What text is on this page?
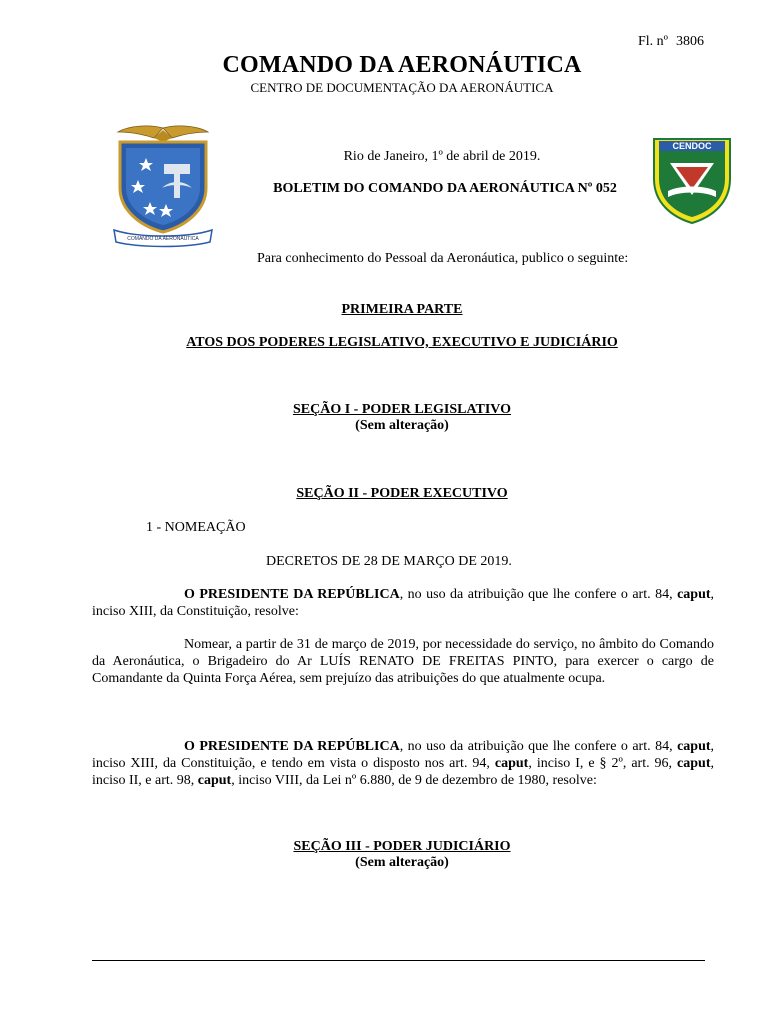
Fl. nº 3806
COMANDO DA AERONÁUTICA
CENTRO DE DOCUMENTAÇÃO DA AERONÁUTICA
COMANDO DA AERONÁUTICA
CENDOC
Rio de Janeiro, 1º de abril de 2019.
BOLETIM DO COMANDO DA AERONÁUTICA Nº 052
Para conhecimento do Pessoal da Aeronáutica, publico o seguinte:
PRIMEIRA PARTE
ATOS DOS PODERES LEGISLATIVO, EXECUTIVO E JUDICIÁRIO
SEÇÃO I - PODER LEGISLATIVO
(Sem alteração)
SEÇÃO II - PODER EXECUTIVO
1 - NOMEAÇÃO
DECRETOS DE 28 DE MARÇO DE 2019.
O PRESIDENTE DA REPÚBLICA, no uso da atribuição que lhe confere o art. 84, caput, inciso XIII, da Constituição, resolve:
Nomear, a partir de 31 de março de 2019, por necessidade do serviço, no âmbito do Comando da Aeronáutica, o Brigadeiro do Ar LUÍS RENATO DE FREITAS PINTO, para exercer o cargo de Comandante da Quinta Força Aérea, sem prejuízo das atribuições do que atualmente ocupa.
O PRESIDENTE DA REPÚBLICA, no uso da atribuição que lhe confere o art. 84, caput, inciso XIII, da Constituição, e tendo em vista o disposto nos art. 94, caput, inciso I, e § 2º, art. 96, caput, inciso II, e art. 98, caput, inciso VIII, da Lei nº 6.880, de 9 de dezembro de 1980, resolve:
SEÇÃO III - PODER JUDICIÁRIO
(Sem alteração)
